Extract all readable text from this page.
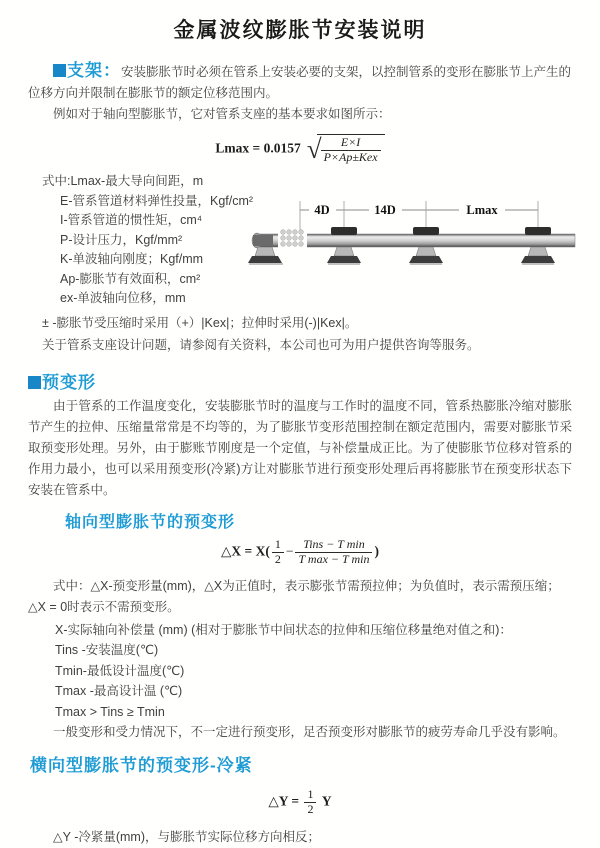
金属波纹膨胀节安装说明

支架：安装膨胀节时必须在管系上安装必要的支架，以控制管系的变形在膨胀节上产生的位移方向并限制在膨胀节的额定位移范围内。

例如对于轴向型膨胀节，它对管系支座的基本要求如图所示：

Lmax = 0.0157 √ $\frac{E\times I}{\text{P×Ap±Kex}}$
式中:Lmax-最大导向间距，m
E-管系管道材料弹性投量，Kgf/cm²
I-管系管道的惯性矩，cm⁴
P-设计压力，Kgf/mm²
K-单波轴向刚度；Kgf/mm
Ap-膨胀节有效面积，cm²
ex-单波轴向位移，mm
4D	14D	Lmax
± -膨胀节受压缩时采用（+）|Kex|；拉伸时采用(-)|Kex|。
关于管系支座设计问题，请参阅有关资料，本公司也可为用户提供咨询等服务。
预变形

由于管系的工作温度变化，安装膨胀节时的温度与工作时的温度不同，管系热膨胀冷缩对膨胀节产生的拉伸、压缩量常常是不均等的，为了膨胀节变形范围控制在额定范围内，需要对膨胀节采取预变形处理。另外，由于膨账节刚度是一个定值，与补偿量成正比。为了使膨胀节位移对管系的作用力最小，也可以采用预变形(冷紧)方让对膨胀节进行预变形处理后再将膨胀节在预变形状态下安装在管系中。

轴向型膨胀节的预变形
△X = $X( \frac{1}{2} - \frac{\text{Tins − T min}}{\text{T max − T min}}$ )

式中：△X-预变形量(mm)，△X为正值时，表示膨张节需预拉伸；为负值时，表示需预压缩；△X = 0时表示不需预变形。

X-实际轴向补偿量 (mm) (相对于膨胀节中间状态的拉伸和压缩位移量绝对值之和)：
Tins -安装温度(℃)
Tmin-最低设计温度(℃)
Tmax -最高设计温 (℃)
Tmax > Tins ≥ Tmin

一般变形和受力情况下，不一定进行预变形，足否预变形对膨胀节的疲劳寿命几乎没有影响。

横向型膨胀节的预变形-冷紧
△Y = $\frac{1}{2}$ Y

△Y -冷紧量(mm)，与膨胀节实际位移方向相反；
